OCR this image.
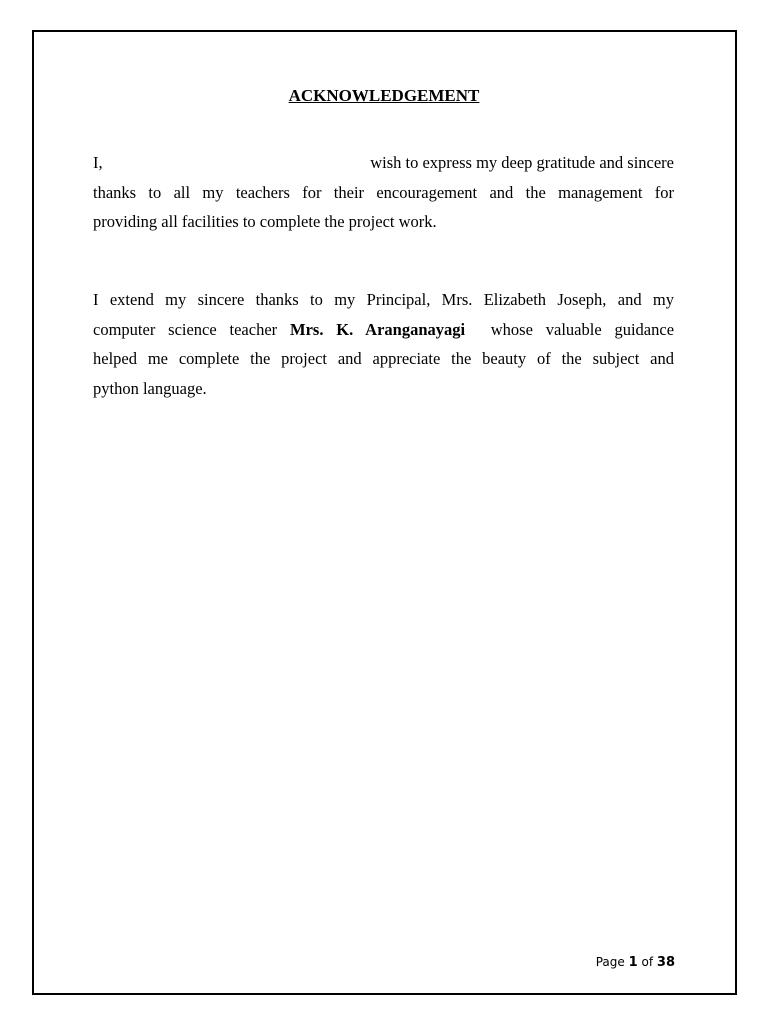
ACKNOWLEDGEMENT
I,	wish to express my deep gratitude and sincere
thanks to all my teachers for their encouragement and the management for
providing all facilities to complete the project work.
I extend my sincere thanks to my Principal, Mrs. Elizabeth Joseph, and my
computer science teacher Mrs. K. Aranganayagi whose valuable guidance
helped me complete the project and appreciate the beauty of the subject and
python language.
Page 1 of 38
